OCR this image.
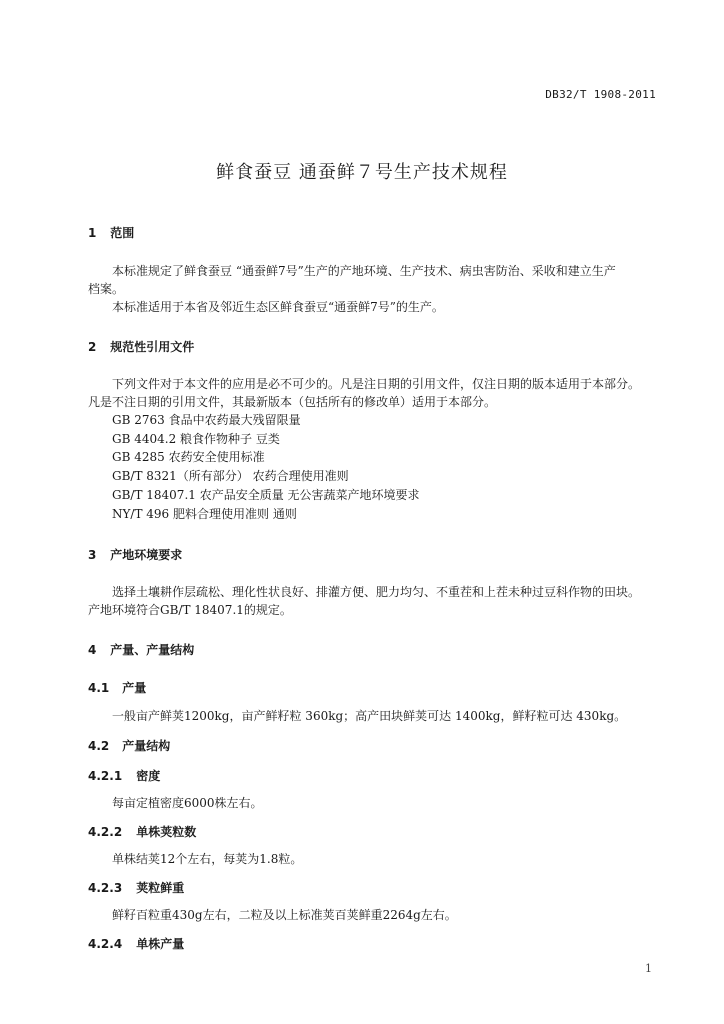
DB32/T 1908-2011
鲜食蚕豆 通蚕鲜７号生产技术规程
1 范围
本标准规定了鲜食蚕豆 “通蚕鲜7号”生产的产地环境、生产技术、病虫害防治、采收和建立生产
档案。
本标准适用于本省及邻近生态区鲜食蚕豆“通蚕鲜7号”的生产。
2 规范性引用文件
下列文件对于本文件的应用是必不可少的。凡是注日期的引用文件，仅注日期的版本适用于本部分。
凡是不注日期的引用文件，其最新版本（包括所有的修改单）适用于本部分。
GB 2763 食品中农药最大残留限量
GB 4404.2 粮食作物种子 豆类
GB 4285 农药安全使用标准
GB/T 8321（所有部分） 农药合理使用准则
GB/T 18407.1 农产品安全质量 无公害蔬菜产地环境要求
NY/T 496 肥料合理使用准则 通则
3 产地环境要求
选择土壤耕作层疏松、理化性状良好、排灌方便、肥力均匀、不重茬和上茬未种过豆科作物的田块。
产地环境符合GB/T 18407.1的规定。
4 产量、产量结构
4.1 产量
一般亩产鲜荚1200kg，亩产鲜籽粒 360kg；高产田块鲜荚可达 1400kg，鲜籽粒可达 430kg。
4.2 产量结构
4.2.1 密度
每亩定植密度6000株左右。
4.2.2 单株荚粒数
单株结荚12个左右，每荚为1.8粒。
4.2.3 荚粒鲜重
鲜籽百粒重430g左右，二粒及以上标准荚百荚鲜重2264g左右。
4.2.4 单株产量
1
